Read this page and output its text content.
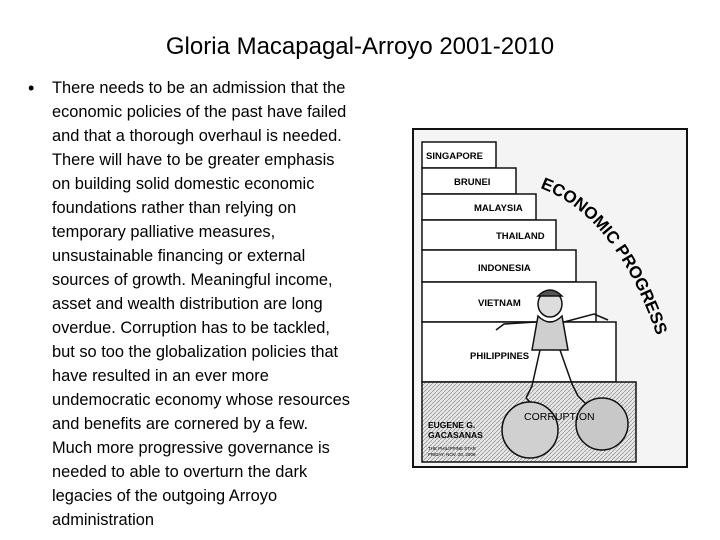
Gloria Macapagal-Arroyo 2001-2010
• There needs to be an admission that the
economic policies of the past have failed
and that a thorough overhaul is needed.
There will have to be greater emphasis
on building solid domestic economic
foundations rather than relying on
temporary palliative measures,
unsustainable financing or external
sources of growth. Meaningful income,
asset and wealth distribution are long
overdue. Corruption has to be tackled,
but so too the globalization policies that
have resulted in an ever more
undemocratic economy whose resources
and benefits are cornered by a few.
Much more progressive governance is
needed to able to overturn the dark
legacies of the outgoing Arroyo
administration
SINGAPORE
BRUNEI
MALAYSIA
THAILAND
INDONESIA
VIETNAM
PHILIPPINES
ECONOMIC PROGRESS
CORRUPTION
EUGENE G.
GACASANAS
THE PHILIPPINE STAR
FRIDAY, NOV. 20, 2009
